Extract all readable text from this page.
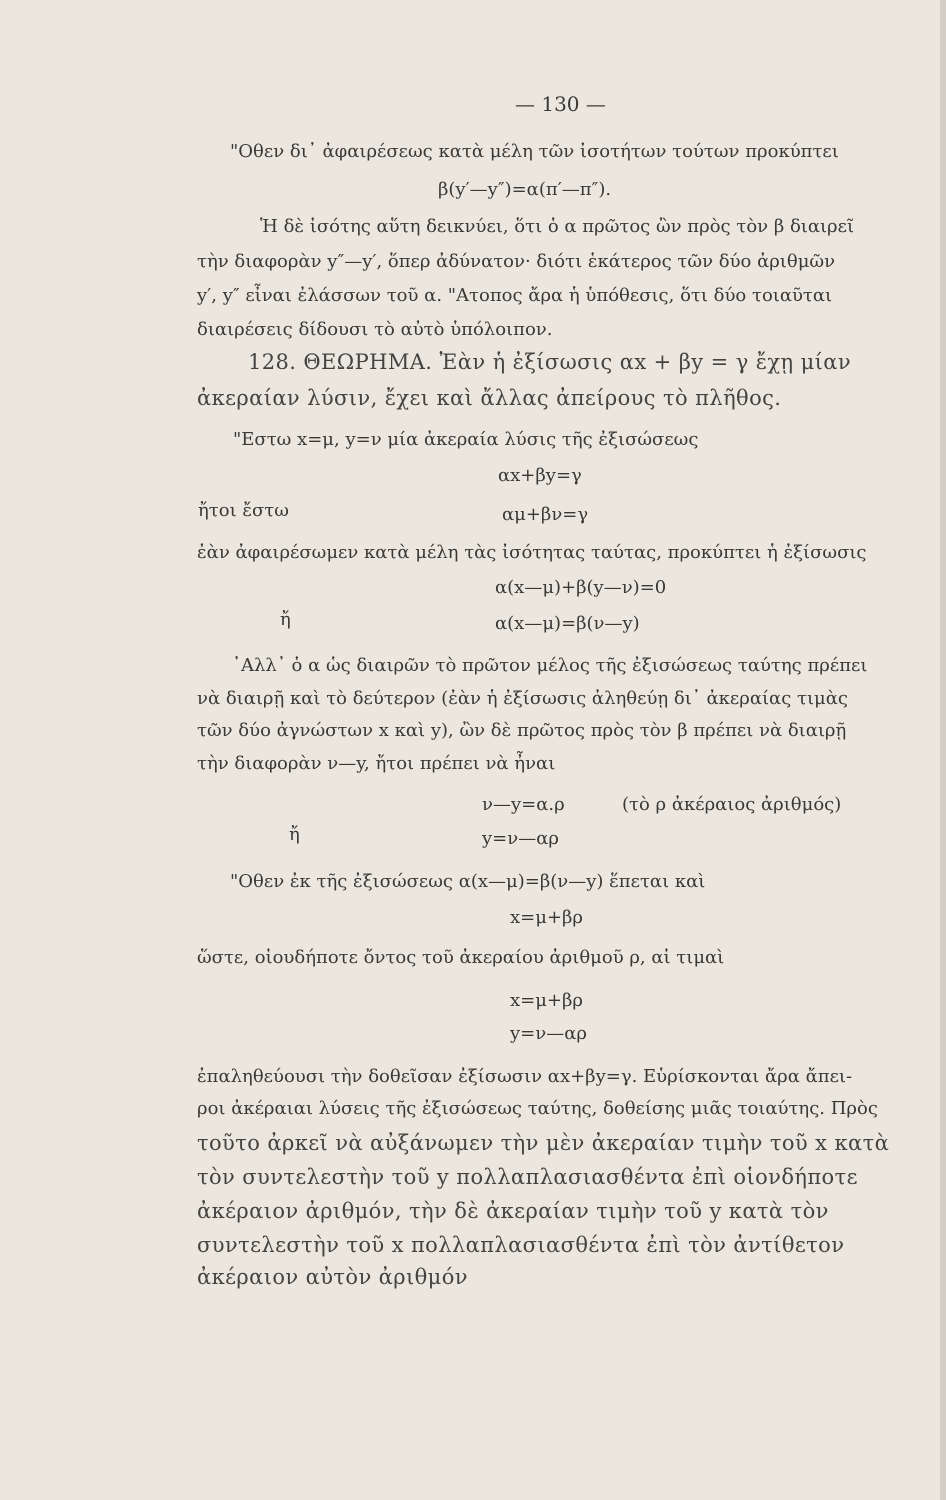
— 130 —
"Οθεν δι᾽ ἀφαιρέσεως κατὰ μέλη τῶν ἰσοτήτων τούτων προκύπτει
β(y′—y″)=α(π′—π″).
Ἡ δὲ ἰσότης αὕτη δεικνύει, ὅτι ὁ α πρῶτος ὢν πρὸς τὸν β διαιρεῖ
τὴν διαφορὰν y″—y′, ὅπερ ἀδύνατον· διότι ἑκάτερος τῶν δύο ἀριθμῶν
y′, y″ εἶναι ἐλάσσων τοῦ α. "Ατοπος ἄρα ἡ ὑπόθεσις, ὅτι δύο τοιαῦται
διαιρέσεις δίδουσι τὸ αὐτὸ ὑπόλοιπον.
128. ΘΕΩΡΗΜΑ. Ἐὰν ἡ ἐξίσωσις αx + βy = γ ἔχῃ μίαν
ἀκεραίαν λύσιν, ἔχει καὶ ἄλλας ἀπείρους τὸ πλῆθος.
"Εστω x=μ, y=ν μία ἀκεραία λύσις τῆς ἐξισώσεως
αx+βy=γ
ἤτοι ἔστω	αμ+βν=γ
ἐὰν ἀφαιρέσωμεν κατὰ μέλη τὰς ἰσότητας ταύτας, προκύπτει ἡ ἐξίσωσις
α(x—μ)+β(y—ν)=0
ἤ	α(x—μ)=β(ν—y)
᾽Αλλ᾽ ὁ α ὡς διαιρῶν τὸ πρῶτον μέλος τῆς ἐξισώσεως ταύτης πρέπει
νὰ διαιρῇ καὶ τὸ δεύτερον (ἐὰν ἡ ἐξίσωσις ἀληθεύῃ δι᾽ ἀκεραίας τιμὰς
τῶν δύο ἀγνώστων x καὶ y), ὢν δὲ πρῶτος πρὸς τὸν β πρέπει νὰ διαιρῇ
τὴν διαφορὰν ν—y, ἤτοι πρέπει νὰ ἦναι
ν—y=α.ρ	(τὸ ρ ἀκέραιος ἀριθμός)
ἤ	y=ν—αρ
"Οθεν ἐκ τῆς ἐξισώσεως α(x—μ)=β(ν—y) ἕπεται καὶ
x=μ+βρ
ὥστε, οἱουδήποτε ὄντος τοῦ ἀκεραίου ἀριθμοῦ ρ, αἱ τιμαὶ
x=μ+βρ
y=ν—αρ
ἐπαληθεύουσι τὴν δοθεῖσαν ἐξίσωσιν αx+βy=γ. Εὑρίσκονται ἄρα ἄπει-
ροι ἀκέραιαι λύσεις τῆς ἐξισώσεως ταύτης, δοθείσης μιᾶς τοιαύτης. Πρὸς
τοῦτο ἀρκεῖ νὰ αὐξάνωμεν τὴν μὲν ἀκεραίαν τιμὴν τοῦ x κατὰ
τὸν συντελεστὴν τοῦ y πολλαπλασιασθέντα ἐπὶ οἱονδήποτε
ἀκέραιον ἀριθμόν, τὴν δὲ ἀκεραίαν τιμὴν τοῦ y κατὰ τὸν
συντελεστὴν τοῦ x πολλαπλασιασθέντα ἐπὶ τὸν ἀντίθετον
ἀκέραιον αὐτὸν ἀριθμόν
